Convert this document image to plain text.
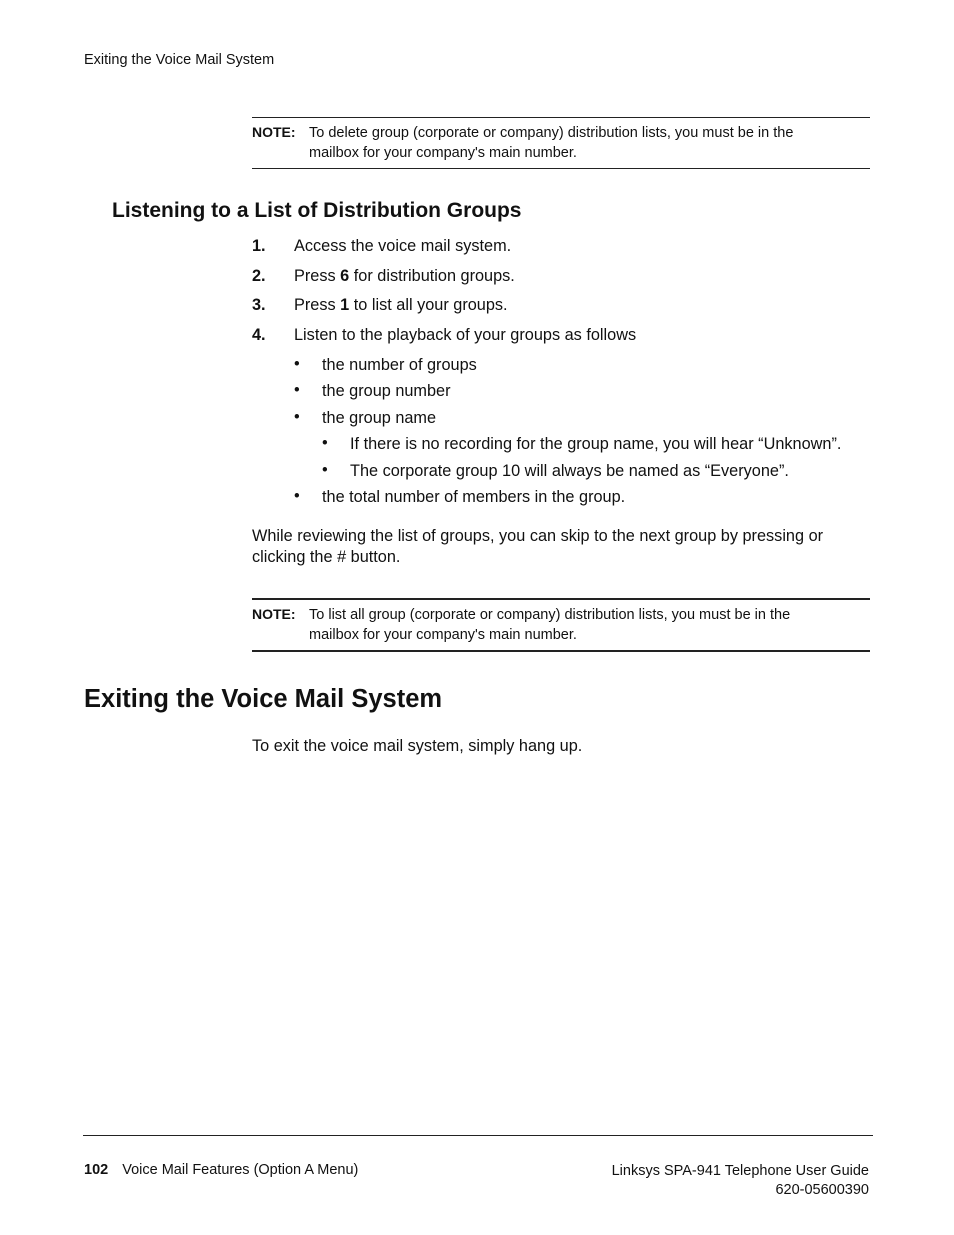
Exiting the Voice Mail System
NOTE: To delete group (corporate or company) distribution lists, you must be in the
mailbox for your company's main number.
Listening to a List of Distribution Groups
1. Access the voice mail system.
2. Press 6 for distribution groups.
3. Press 1 to list all your groups.
4. Listen to the playback of your groups as follows
• the number of groups
• the group number
• the group name
• If there is no recording for the group name, you will hear “Unknown”.
• The corporate group 10 will always be named as “Everyone”.
• the total number of members in the group.
While reviewing the list of groups, you can skip to the next group by pressing or clicking the # button.
NOTE: To list all group (corporate or company) distribution lists, you must be in the
mailbox for your company's main number.
Exiting the Voice Mail System
To exit the voice mail system, simply hang up.
102 Voice Mail Features (Option A Menu)	Linksys SPA-941 Telephone User Guide
620-05600390
